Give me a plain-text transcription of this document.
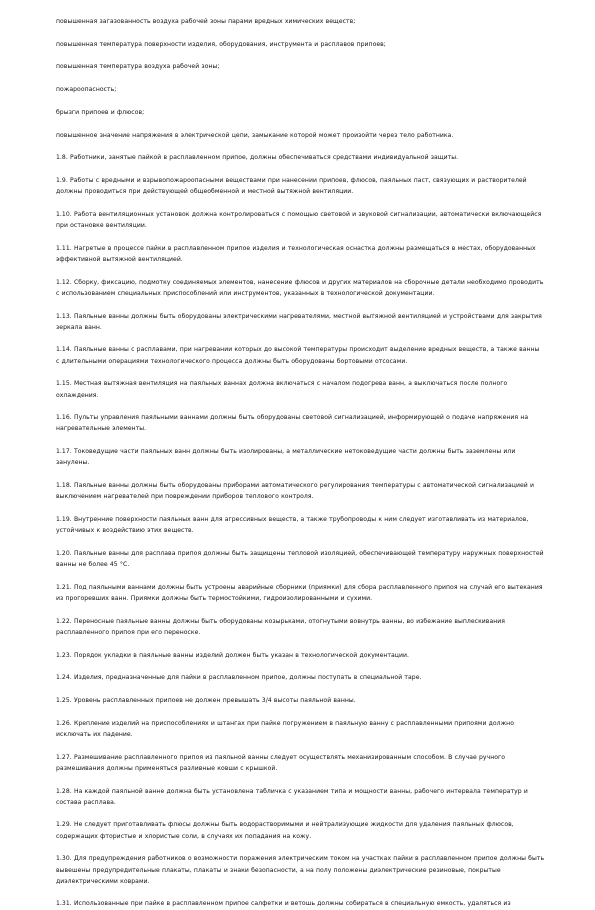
повышенная загазованность воздуха рабочей зоны парами вредных химических веществ;

повышенная температура поверхности изделия, оборудования, инструмента и расплавов припоев;

повышенная температура воздуха рабочей зоны;

пожароопасность;

брызги припоев и флюсов;

повышенное значение напряжения в электрической цепи, замыкание которой может произойти через тело работника.

1.8. Работники, занятые пайкой в расплавленном припое, должны обеспечиваться средствами индивидуальной защиты.

1.9. Работы с вредными и взрывопожароопасными веществами при нанесении припоев, флюсов, паяльных паст, связующих и растворителей должны проводиться при действующей общеобменной и местной вытяжной вентиляции.

1.10. Работа вентиляционных установок должна контролироваться с помощью световой и звуковой сигнализации, автоматически включающейся при остановке вентиляции.

1.11. Нагретые в процессе пайки в расплавленном припое изделия и технологическая оснастка должны размещаться в местах, оборудованных эффективной вытяжной вентиляцией.

1.12. Сборку, фиксацию, подмотку соединяемых элементов, нанесение флюсов и других материалов на сборочные детали необходимо проводить с использованием специальных приспособлений или инструментов, указанных в технологической документации.

1.13. Паяльные ванны должны быть оборудованы электрическими нагревателями, местной вытяжной вентиляцией и устройствами для закрытия зеркала ванн.

1.14. Паяльные ванны с расплавами, при нагревании которых до высокой температуры происходит выделение вредных веществ, а также ванны с длительными операциями технологического процесса должны быть оборудованы бортовыми отсосами.

1.15. Местная вытяжная вентиляция на паяльных ваннах должна включаться с началом подогрева ванн, а выключаться после полного охлаждения.

1.16. Пульты управления паяльными ваннами должны быть оборудованы световой сигнализацией, информирующей о подаче напряжения на нагревательные элементы.

1.17. Токоведущие части паяльных ванн должны быть изолированы, а металлические нетоковедущие части должны быть заземлены или занулены.

1.18. Паяльные ванны должны быть оборудованы приборами автоматического регулирования температуры с автоматической сигнализацией и выключением нагревателей при повреждении приборов теплового контроля.

1.19. Внутренние поверхности паяльных ванн для агрессивных веществ, а также трубопроводы к ним следует изготавливать из материалов, устойчивых к воздействию этих веществ.

1.20. Паяльные ванны для расплава припоя должны быть защищены тепловой изоляцией, обеспечивающей температуру наружных поверхностей ванны не более 45 °C.

1.21. Под паяльными ваннами должны быть устроены аварийные сборники (приямки) для сбора расплавленного припоя на случай его вытекания из прогоревших ванн. Приямки должны быть термостойкими, гидроизолированными и сухими.

1.22. Переносные паяльные ванны должны быть оборудованы козырьками, отогнутыми вовнутрь ванны, во избежание выплескивания расплавленного припоя при его переноске.

1.23. Порядок укладки в паяльные ванны изделий должен быть указан в технологической документации.

1.24. Изделия, предназначенные для пайки в расплавленном припое, должны поступать в специальной таре.

1.25. Уровень расплавленных припоев не должен превышать 3/4 высоты паяльной ванны.

1.26. Крепление изделий на приспособлениях и штангах при пайке погружением в паяльную ванну с расплавленными припоями должно исключать их падение.

1.27. Размешивание расплавленного припоя из паяльной ванны следует осуществлять механизированным способом. В случае ручного размешивания должны применяться разливные ковши с крышкой.

1.28. На каждой паяльной ванне должна быть установлена табличка с указанием типа и мощности ванны, рабочего интервала температур и состава расплава.

1.29. Не следует приготавливать флюсы должны быть водорастворимыми и нейтрализующие жидкости для удаления паяльных флюсов, содержащих фтористые и хлористые соли, в случаях их попадания на кожу.

1.30. Для предупреждения работников о возможности поражения электрическим током на участках пайки в расплавленном припое должны быть вывешены предупредительные плакаты, плакаты и знаки безопасности, а на полу положены диэлектрические резиновые, покрытые диэлектрическими коврами.

1.31. Использованные при пайке в расплавленном припое салфетки и ветошь должны собираться в специальную емкость, удаляться из
